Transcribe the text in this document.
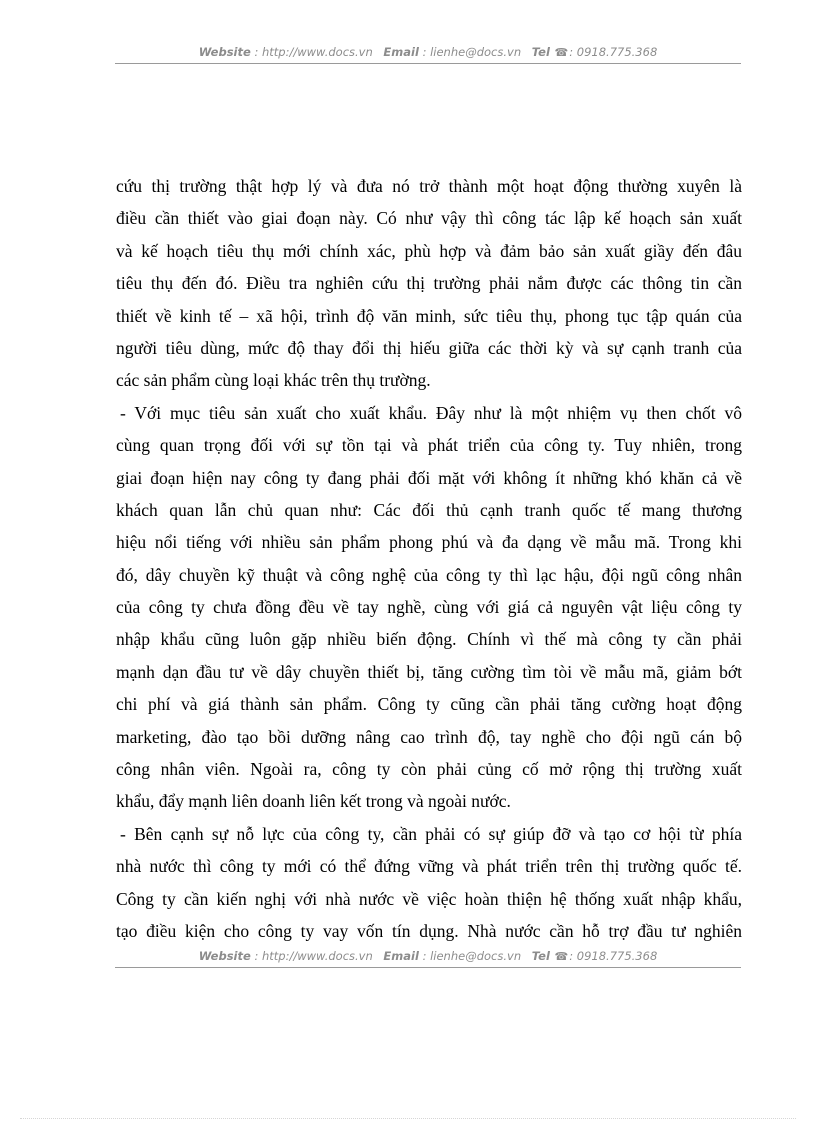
Website : http://www.docs.vn Email : lienhe@docs.vn Tel ☎: 0918.775.368
cứu thị trường thật hợp lý và đưa nó trở thành một hoạt động thường xuyên là
điều cần thiết vào giai đoạn này. Có như vậy thì công tác lập kế hoạch sản xuất
và kế hoạch tiêu thụ mới chính xác, phù hợp và đảm bảo sản xuất giầy đến đâu
tiêu thụ đến đó. Điều tra nghiên cứu thị trường phải nắm được các thông tin cần
thiết về kinh tế – xã hội, trình độ văn minh, sức tiêu thụ, phong tục tập quán của
người tiêu dùng, mức độ thay đổi thị hiếu giữa các thời kỳ và sự cạnh tranh của
các sản phẩm cùng loại khác trên thụ trường.
- Với mục tiêu sản xuất cho xuất khẩu. Đây như là một nhiệm vụ then chốt vô
cùng quan trọng đối với sự tồn tại và phát triển của công ty. Tuy nhiên, trong
giai đoạn hiện nay công ty đang phải đối mặt với không ít những khó khăn cả về
khách quan lẫn chủ quan như: Các đối thủ cạnh tranh quốc tế mang thương
hiệu nổi tiếng với nhiều sản phẩm phong phú và đa dạng về mẫu mã. Trong khi
đó, dây chuyền kỹ thuật và công nghệ của công ty thì lạc hậu, đội ngũ công nhân
của công ty chưa đồng đều về tay nghề, cùng với giá cả nguyên vật liệu công ty
nhập khẩu cũng luôn gặp nhiều biến động. Chính vì thế mà công ty cần phải
mạnh dạn đầu tư về dây chuyền thiết bị, tăng cường tìm tòi về mẫu mã, giảm bớt
chi phí và giá thành sản phẩm. Công ty cũng cần phải tăng cường hoạt động
marketing, đào tạo bồi dưỡng nâng cao trình độ, tay nghề cho đội ngũ cán bộ
công nhân viên. Ngoài ra, công ty còn phải củng cố mở rộng thị trường xuất
khẩu, đẩy mạnh liên doanh liên kết trong và ngoài nước.
- Bên cạnh sự nỗ lực của công ty, cần phải có sự giúp đỡ và tạo cơ hội từ phía
nhà nước thì công ty mới có thể đứng vững và phát triển trên thị trường quốc tế.
Công ty cần kiến nghị với nhà nước về việc hoàn thiện hệ thống xuất nhập khẩu,
tạo điều kiện cho công ty vay vốn tín dụng. Nhà nước cần hỗ trợ đầu tư nghiên
Website : http://www.docs.vn Email : lienhe@docs.vn Tel ☎: 0918.775.368
